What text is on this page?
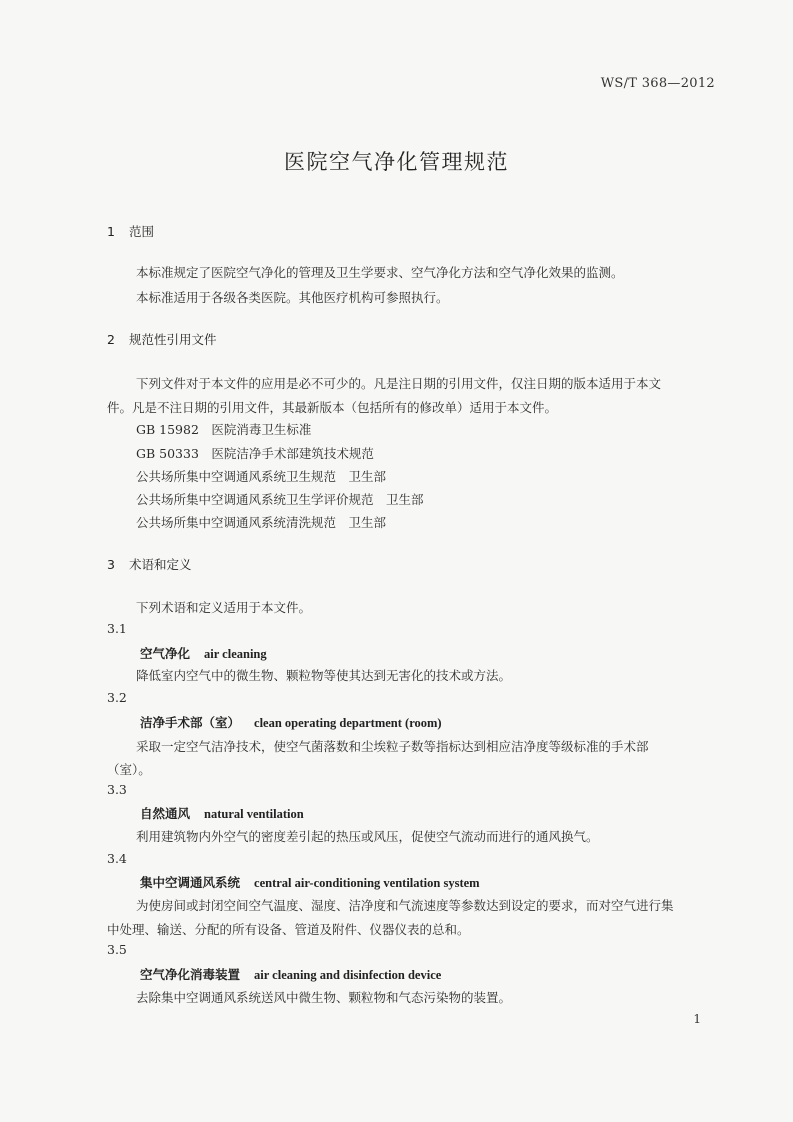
WS/T 368—2012
医院空气净化管理规范
1 范围
本标准规定了医院空气净化的管理及卫生学要求、空气净化方法和空气净化效果的监测。
本标准适用于各级各类医院。其他医疗机构可参照执行。
2 规范性引用文件
下列文件对于本文件的应用是必不可少的。凡是注日期的引用文件，仅注日期的版本适用于本文
件。凡是不注日期的引用文件，其最新版本（包括所有的修改单）适用于本文件。
GB 15982　医院消毒卫生标准
GB 50333　医院洁净手术部建筑技术规范
公共场所集中空调通风系统卫生规范　卫生部
公共场所集中空调通风系统卫生学评价规范　卫生部
公共场所集中空调通风系统清洗规范　卫生部
3 术语和定义
下列术语和定义适用于本文件。
3.1
空气净化 air cleaning
降低室内空气中的微生物、颗粒物等使其达到无害化的技术或方法。
3.2
洁净手术部（室） clean operating department (room)
采取一定空气洁净技术，使空气菌落数和尘埃粒子数等指标达到相应洁净度等级标准的手术部
（室）。
3.3
自然通风 natural ventilation
利用建筑物内外空气的密度差引起的热压或风压，促使空气流动而进行的通风换气。
3.4
集中空调通风系统 central air-conditioning ventilation system
为使房间或封闭空间空气温度、湿度、洁净度和气流速度等参数达到设定的要求，而对空气进行集
中处理、输送、分配的所有设备、管道及附件、仪器仪表的总和。
3.5
空气净化消毒装置 air cleaning and disinfection device
去除集中空调通风系统送风中微生物、颗粒物和气态污染物的装置。
1
